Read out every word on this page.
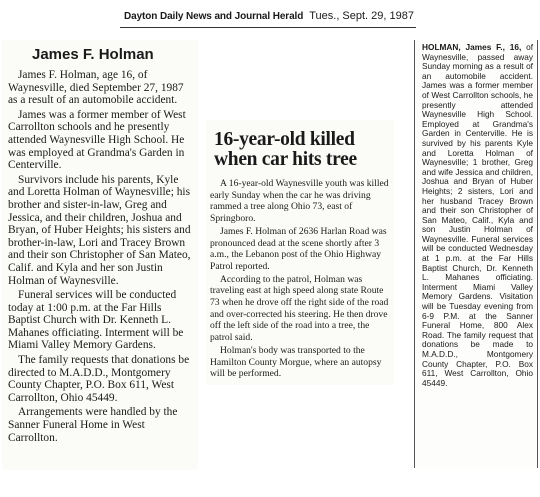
Dayton Daily News and Journal Herald Tues., Sept. 29, 1987
James F. Holman

James F. Holman, age 16, of Waynesville, died September 27, 1987 as a result of an automobile accident.

James was a former member of West Carrollton schools and he presently attended Waynesville High School. He was employed at Grandma's Garden in Centerville.

Survivors include his parents, Kyle and Loretta Holman of Waynesville; his brother and sister-in-law, Greg and Jessica, and their children, Joshua and Bryan, of Huber Heights; his sisters and brother-in-law, Lori and Tracey Brown and their son Christopher of San Mateo, Calif. and Kyla and her son Justin Holman of Waynesville.

Funeral services will be conducted today at 1:00 p.m. at the Far Hills Baptist Church with Dr. Kenneth L. Mahanes officiating. Interment will be Miami Valley Memory Gardens.

The family requests that donations be directed to M.A.D.D., Montgomery County Chapter, P.O. Box 611, West Carrollton, Ohio 45449.

Arrangements were handled by the Sanner Funeral Home in West Carrollton.

16-year-old killed when car hits tree

A 16-year-old Waynesville youth was killed early Sunday when the car he was driving rammed a tree along Ohio 73, east of Springboro.

James F. Holman of 2636 Harlan Road was pronounced dead at the scene shortly after 3 a.m., the Lebanon post of the Ohio Highway Patrol reported.

According to the patrol, Holman was traveling east at high speed along state Route 73 when he drove off the right side of the road and over-corrected his steering. He then drove off the left side of the road into a tree, the patrol said.

Holman's body was transported to the Hamilton County Morgue, where an autopsy will be performed.

HOLMAN, James F., 16, of Waynesville, passed away Sunday morning as a result of an automobile accident. James was a former member of West Carrollton schools, he presently attended Waynesville High School. Employed at Grandma's Garden in Centerville. He is survived by his parents Kyle and Loretta Holman of Waynesville; 1 brother, Greg and wife Jessica and children, Joshua and Bryan of Huber Heights; 2 sisters, Lori and her husband Tracey Brown and their son Christopher of San Mateo, Calif., Kyla and son Justin Holman of Waynesville. Funeral services will be conducted Wednesday at 1 p.m. at the Far Hills Baptist Church, Dr. Kenneth L. Mahanes officiating. Interment Miami Valley Memory Gardens. Visitation will be Tuesday evening from 6-9 P.M. at the Sanner Funeral Home, 800 Alex Road. The family request that donations be made to M.A.D.D., Montgomery County Chapter, P.O. Box 611, West Carrollton, Ohio 45449.
